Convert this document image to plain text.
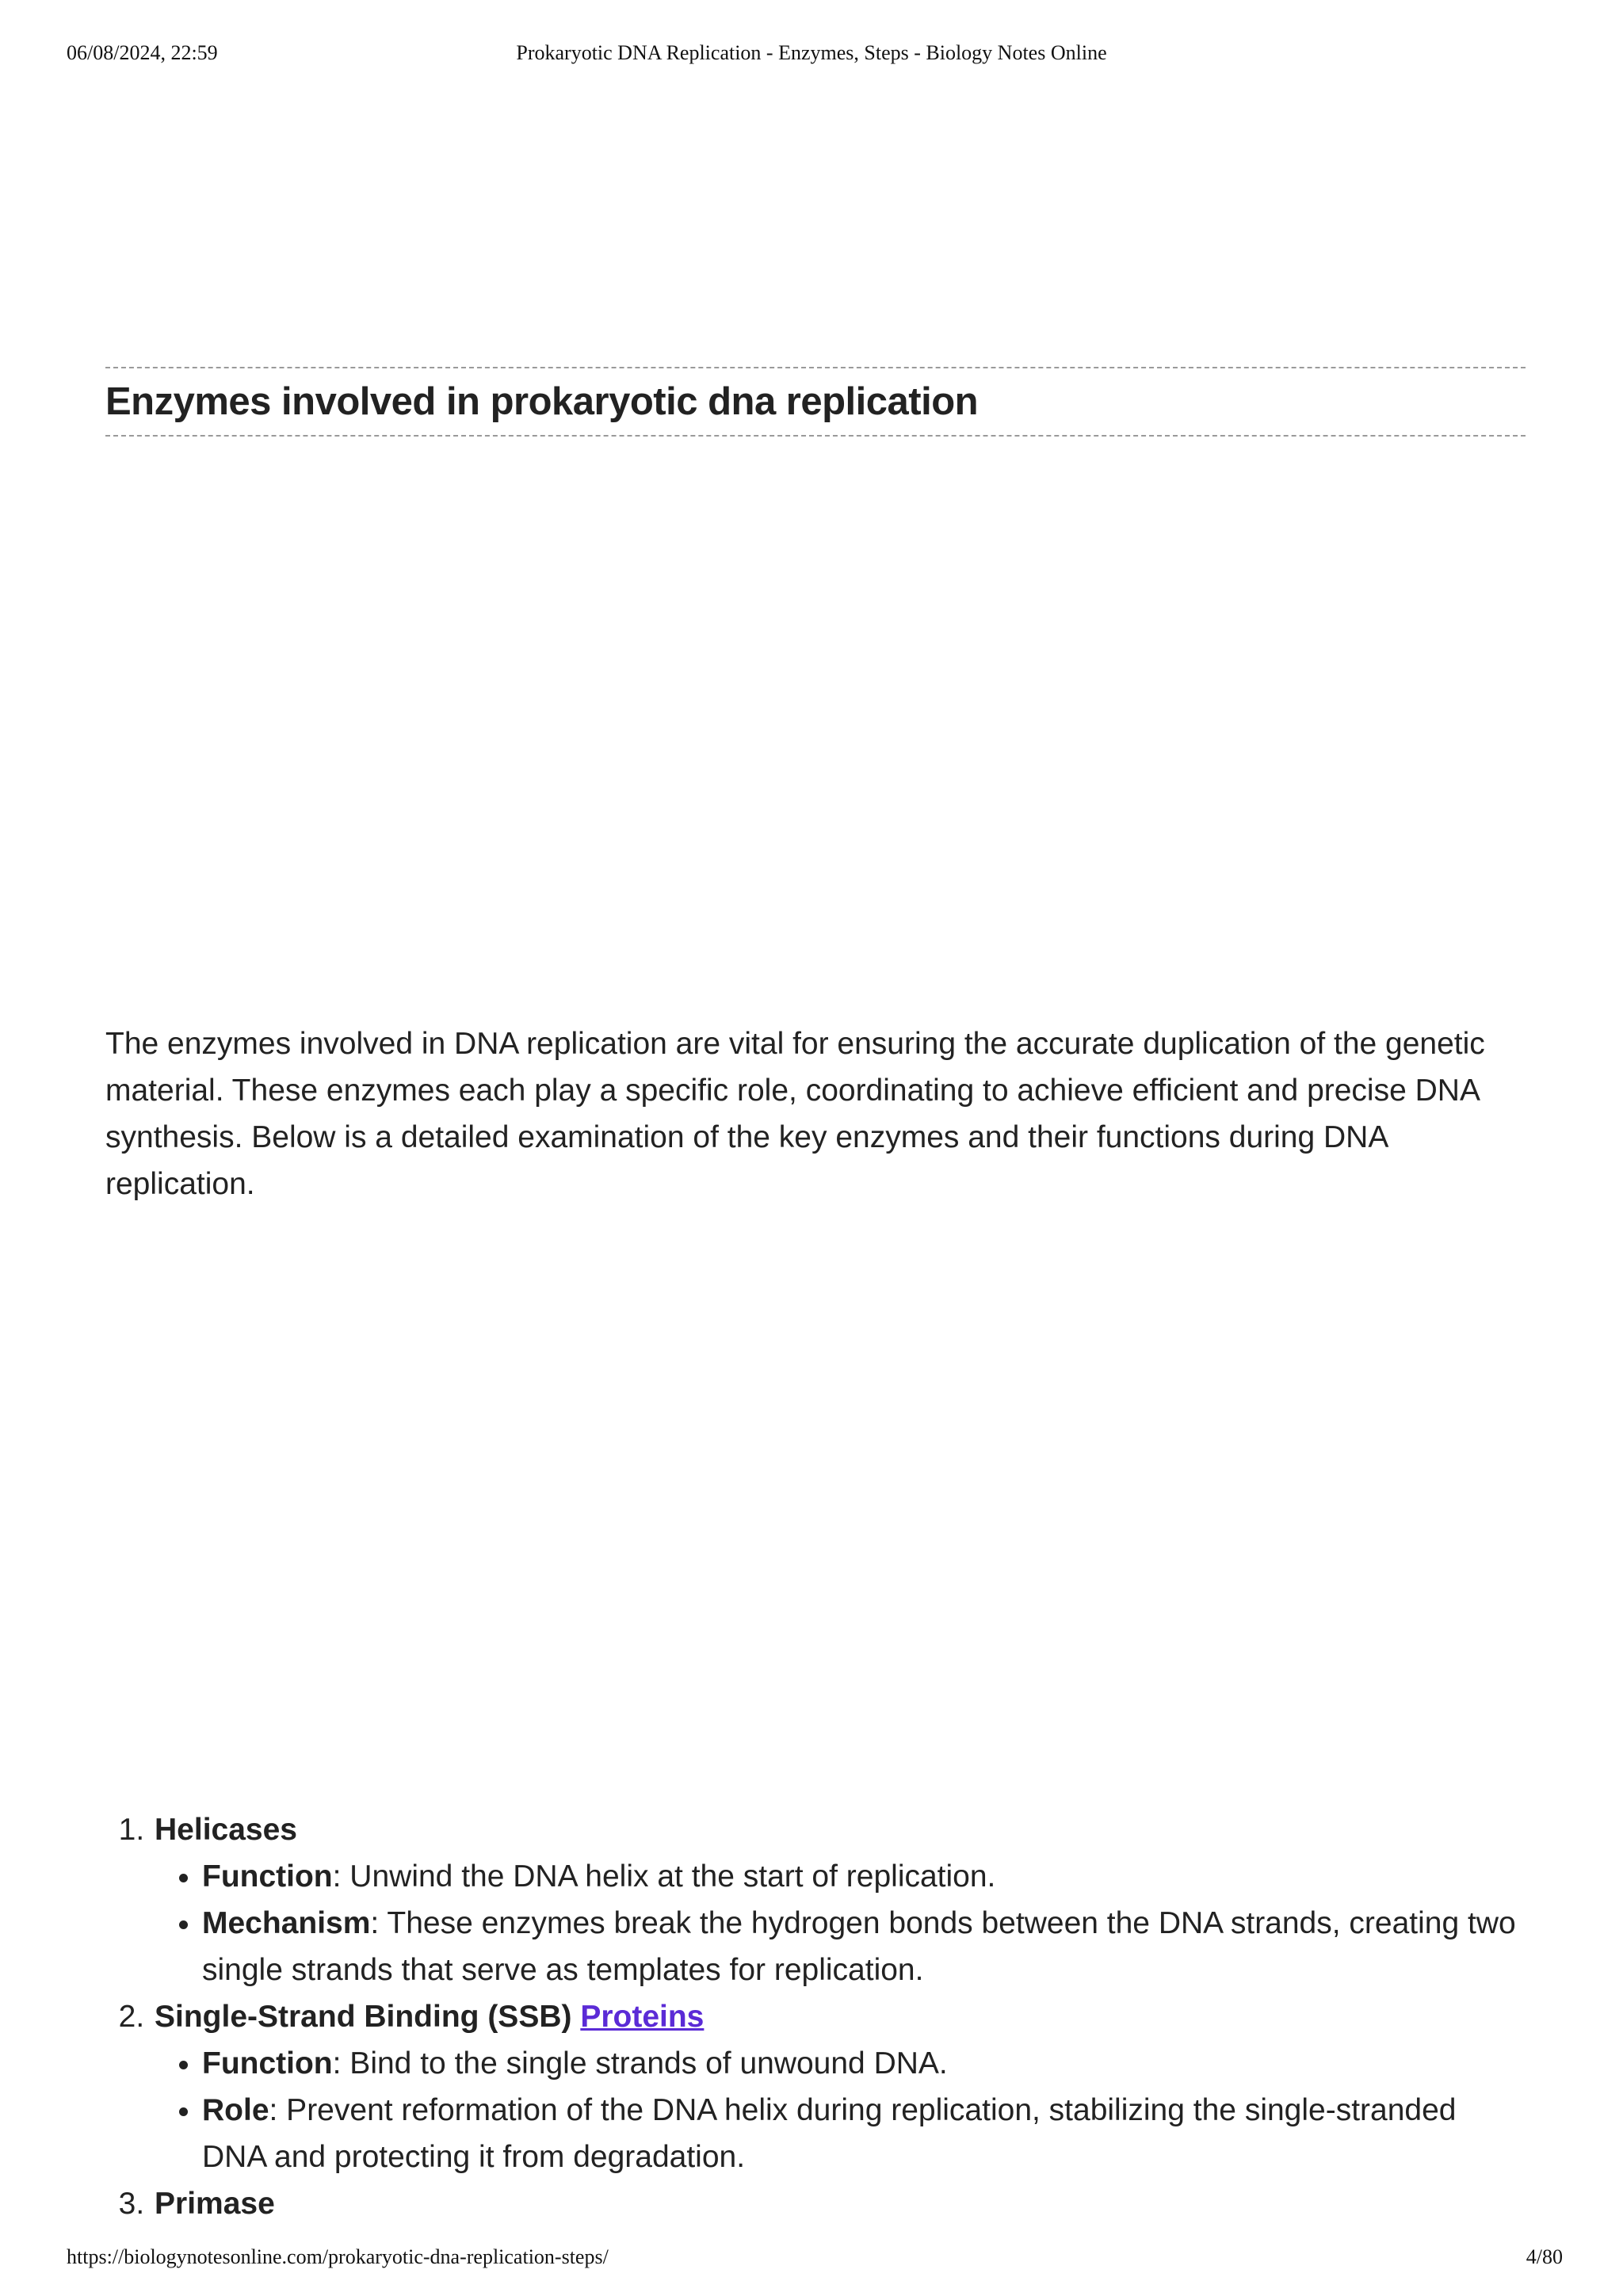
06/08/2024, 22:59	Prokaryotic DNA Replication - Enzymes, Steps - Biology Notes Online
Enzymes involved in prokaryotic dna replication

The enzymes involved in DNA replication are vital for ensuring the accurate duplication of the genetic material. These enzymes each play a specific role, coordinating to achieve efficient and precise DNA synthesis. Below is a detailed examination of the key enzymes and their functions during DNA replication.

1. Helicases
• Function: Unwind the DNA helix at the start of replication.
• Mechanism: These enzymes break the hydrogen bonds between the DNA strands, creating two single strands that serve as templates for replication.
2. Single-Strand Binding (SSB) Proteins
• Function: Bind to the single strands of unwound DNA.
• Role: Prevent reformation of the DNA helix during replication, stabilizing the single-stranded DNA and protecting it from degradation.
3. Primase
https://biologynotesonline.com/prokaryotic-dna-replication-steps/	4/80
